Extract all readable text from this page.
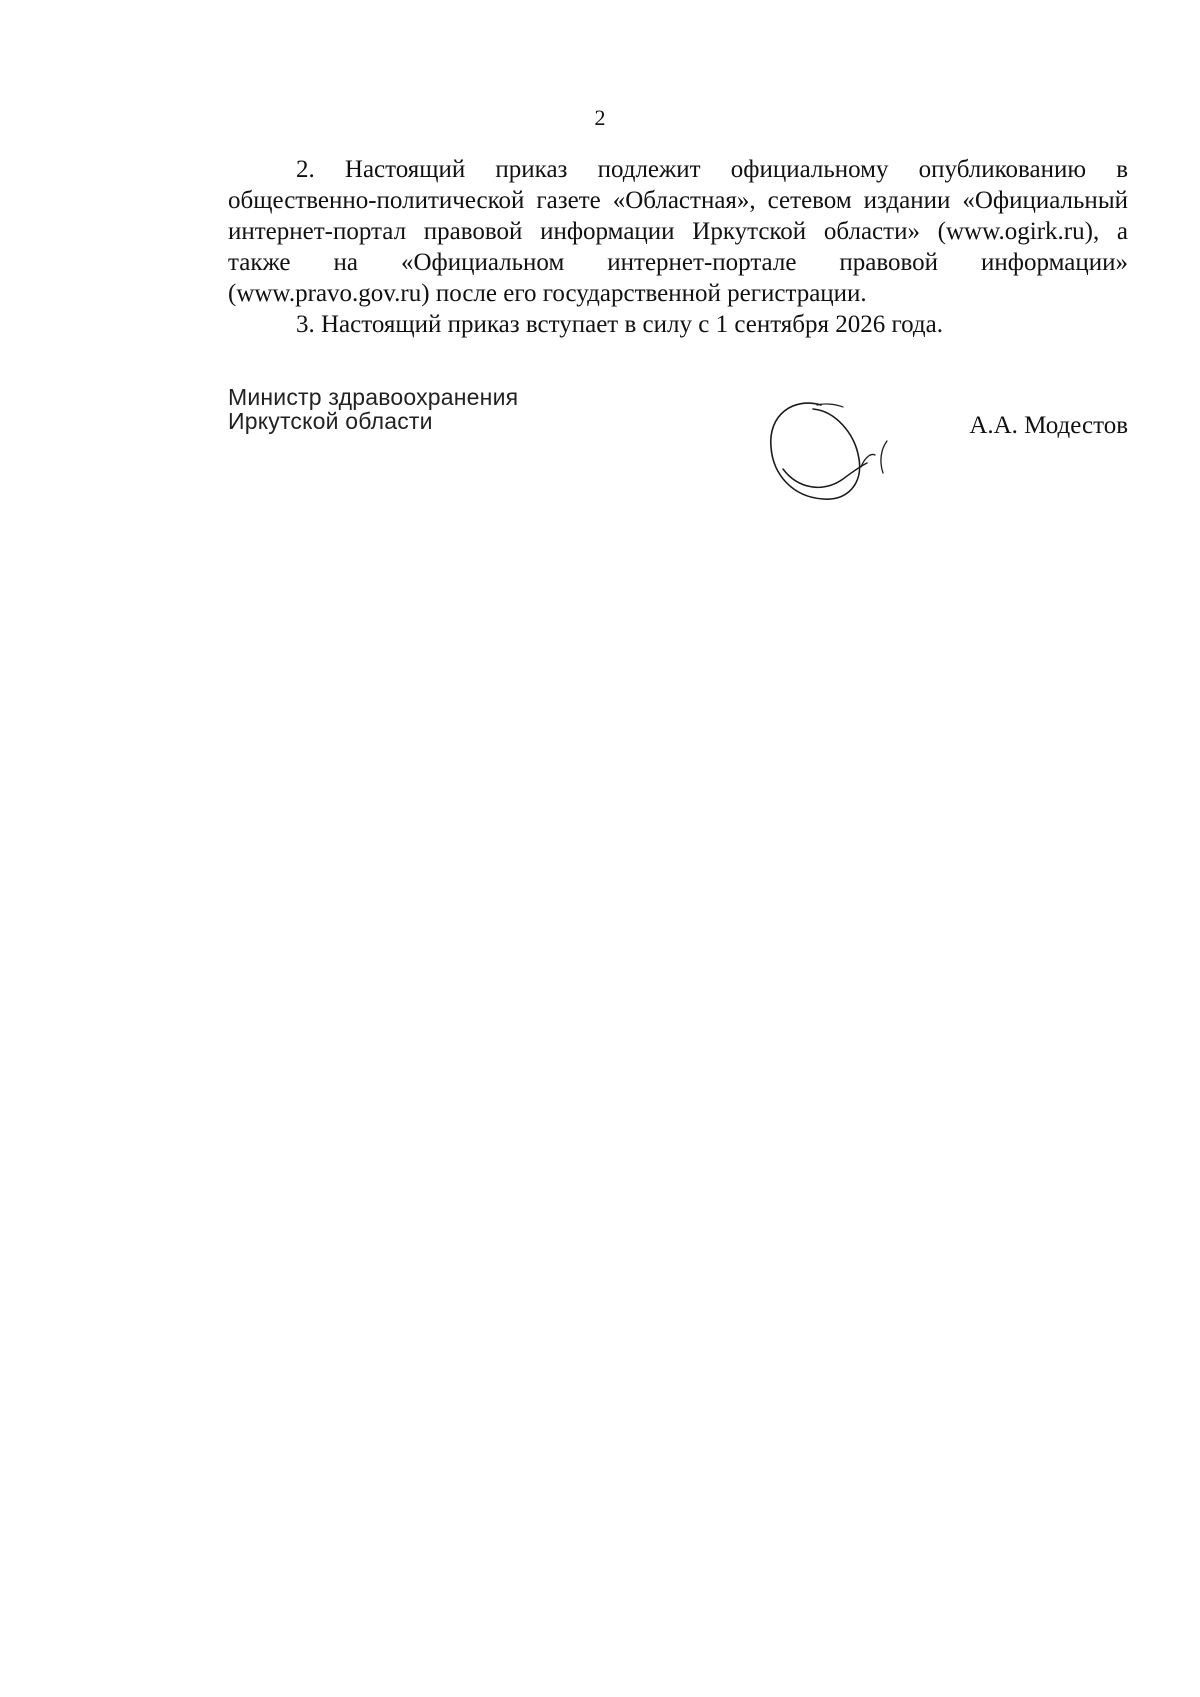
2

2. Настоящий приказ подлежит официальному опубликованию в общественно-политической газете «Областная», сетевом издании «Официальный интернет-портал правовой информации Иркутской области» (www.ogirk.ru), а также на «Официальном интернет-портале правовой информации» (www.pravo.gov.ru) после его государственной регистрации.

3. Настоящий приказ вступает в силу с 1 сентября 2026 года.

Министр здравоохранения
Иркутской области	А.А. Модестов
